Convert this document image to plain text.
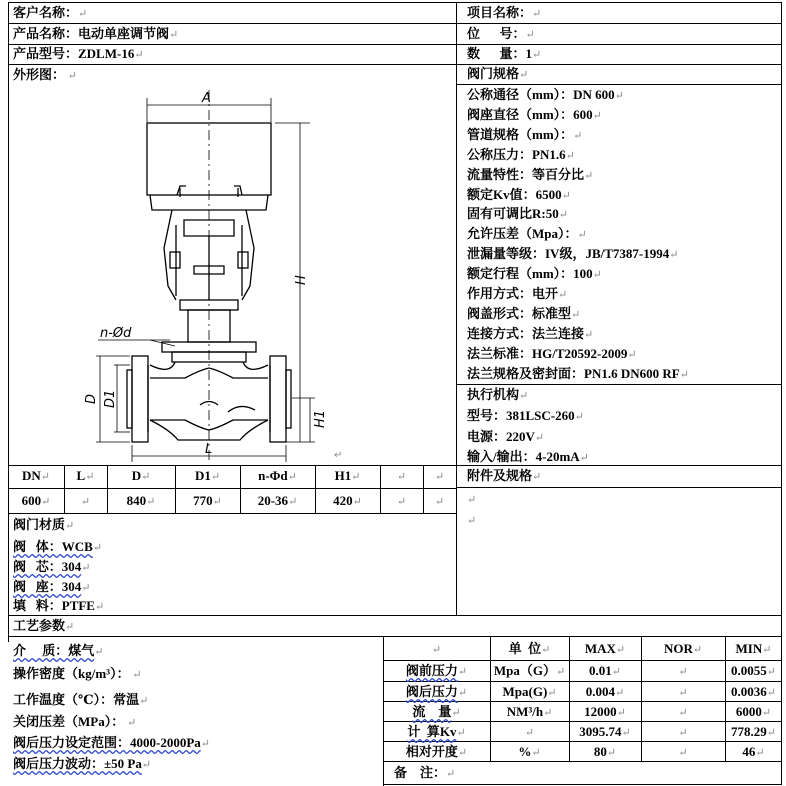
客户名称：↵	项目名称：↵
产品名称：电动单座调节阀↵	位      号：↵
产品型号：ZDLM-16↵	数      量：1↵
外形图： ↵	阀门规格↵
公称通径（mm）：DN 600↵
阀座直径（mm）：600↵
管道规格（mm）：↵
公称压力：PN1.6↵
流量特性：等百分比↵
额定Kv值：6500↵
固有可调比R:50↵
允许压差（Mpa）：↵
泄漏量等级：IV级，JB/T7387-1994↵
额定行程（mm）：100↵
作用方式：电开↵
阀盖形式：标准型↵
连接方式：法兰连接↵
法兰标准：HG/T20592-2009↵
法兰规格及密封面：PN1.6 DN600 RF↵
执行机构↵
型号：381LSC-260↵
电源：220V↵
输入/输出：4-20mA↵
附件及规格↵
↵
↵
DN↵	L↵	D↵	D1↵	n-Φd↵	H1↵	↵	↵
600↵	↵	840↵	770↵	20-36↵	420↵	↵	↵
阀门材质↵
阀   体：WCB↵
阀   芯：304↵
阀   座：304↵
填   料：PTFE↵
工艺参数↵
介     质：煤气↵
操作密度（kg/m³）： ↵
工作温度（℃）：常温↵
关闭压差（MPa）： ↵
阀后压力设定范围：4000-2000Pa↵
阀后压力波动：±50 Pa↵
↵	单  位↵	MAX↵	NOR↵	MIN↵
阀前压力↵	Mpa（G）↵	0.01↵	↵	0.0055↵
阀后压力↵	Mpa(G)↵	0.004↵	↵	0.0036↵
流    量↵	NM³/h↵	12000↵	↵	6000↵
计  算Kv↵	↵	3095.74↵	↵	778.29↵
相对开度↵	%↵	80↵	↵	46↵
备    注：↵
A
H
H1
D D1
L
n-Ød
↵
